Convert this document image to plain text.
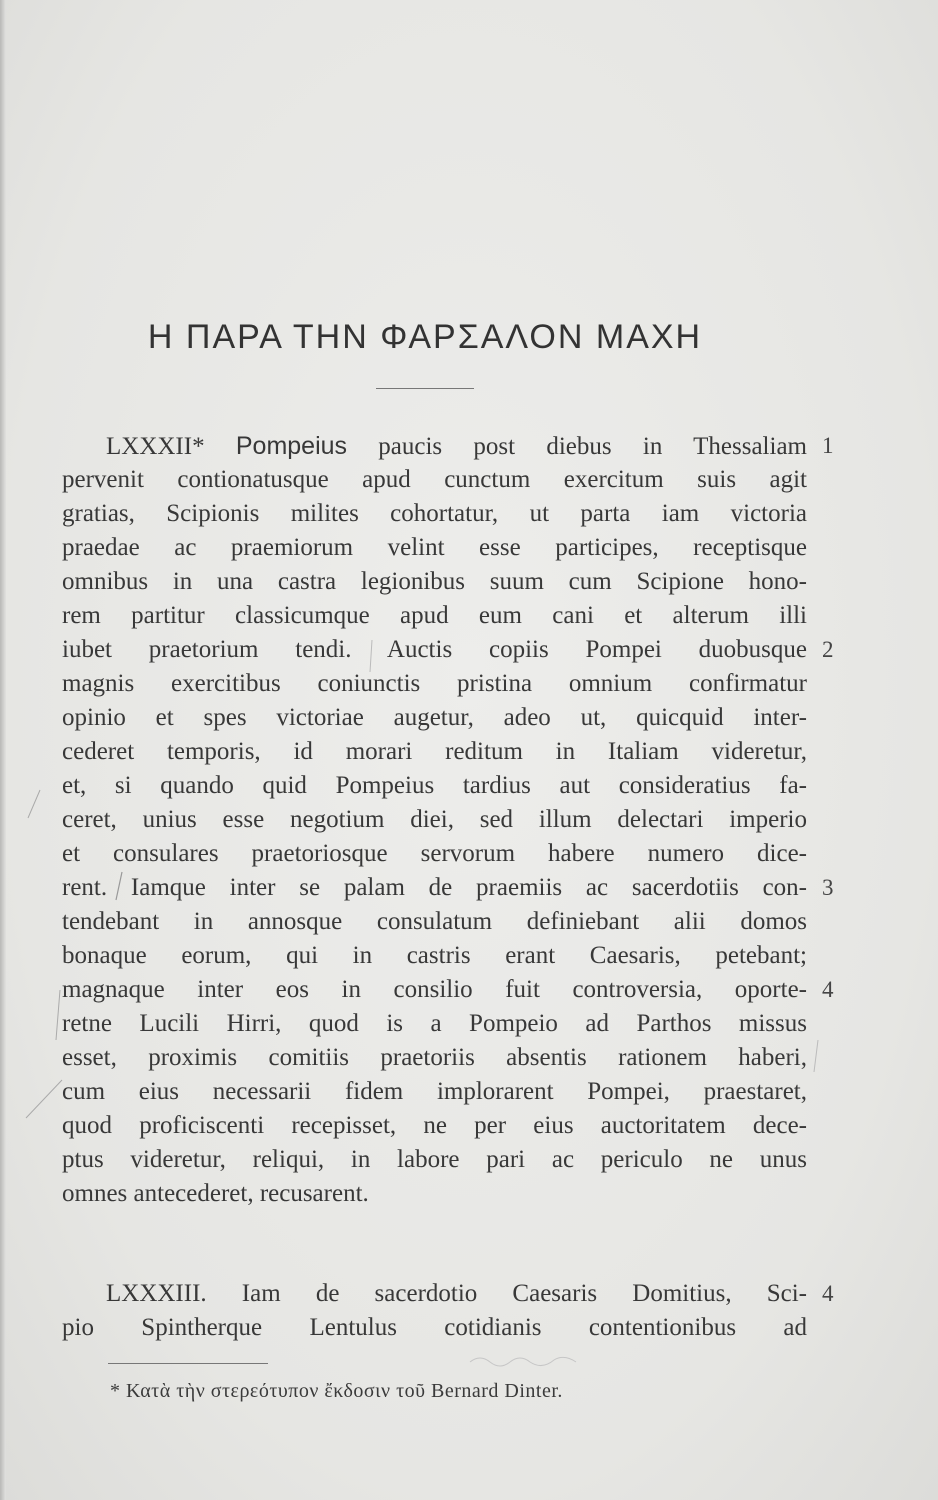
Η ΠΑΡΑ ΤΗΝ ΦΑΡΣΑΛΟΝ ΜΑΧΗ
LXXXII* Pompeius paucis post diebus in Thessaliam
pervenit contionatusque apud cunctum exercitum suis agit
gratias, Scipionis milites cohortatur, ut parta iam victoria
praedae ac praemiorum velint esse participes, receptisque
omnibus in una castra legionibus suum cum Scipione hono-
rem partitur classicumque apud eum cani et alterum illi
iubet praetorium tendi. Auctis copiis Pompei duobusque
magnis exercitibus coniunctis pristina omnium confirmatur
opinio et spes victoriae augetur, adeo ut, quicquid inter-
cederet temporis, id morari reditum in Italiam videretur,
et, si quando quid Pompeius tardius aut consideratius fa-
ceret, unius esse negotium diei, sed illum delectari imperio
et consulares praetoriosque servorum habere numero dice-
rent. Iamque inter se palam de praemiis ac sacerdotiis con-
tendebant in annosque consulatum definiebant alii domos
bonaque eorum, qui in castris erant Caesaris, petebant;
magnaque inter eos in consilio fuit controversia, oporte-
retne Lucili Hirri, quod is a Pompeio ad Parthos missus
esset, proximis comitiis praetoriis absentis rationem haberi,
cum eius necessarii fidem implorarent Pompei, praestaret,
quod proficiscenti recepisset, ne per eius auctoritatem dece-
ptus videretur, reliqui, in labore pari ac periculo ne unus
omnes antecederet, recusarent.
1
2
3
4
LXXXIII. Iam de sacerdotio Caesaris Domitius, Sci-
pio Spintherque Lentulus cotidianis contentionibus ad
4
* Κατὰ τὴν στερεότυπον ἔκδοσιν τοῦ Bernard Dinter.
